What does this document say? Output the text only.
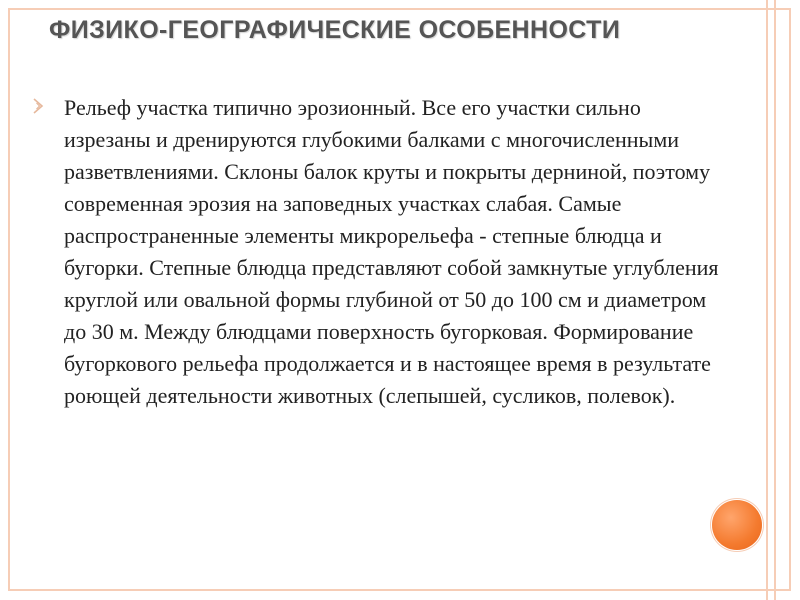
ФИЗИКО-ГЕОГРАФИЧЕСКИЕ ОСОБЕННОСТИ

Рельеф участка типично эрозионный. Все его участки сильно изрезаны и дренируются глубокими балками с многочисленными разветвлениями. Склоны балок круты и покрыты дерниной, поэтому современная эрозия на заповедных участках слабая. Самые распространенные элементы микрорельефа - степные блюдца и бугорки. Степные блюдца представляют собой замкнутые углубления круглой или овальной формы глубиной от 50 до 100 см и диаметром до 30 м. Между блюдцами поверхность бугорковая. Формирование бугоркового рельефа продолжается и в настоящее время в результате роющей деятельности животных (слепышей, сусликов, полевок).
